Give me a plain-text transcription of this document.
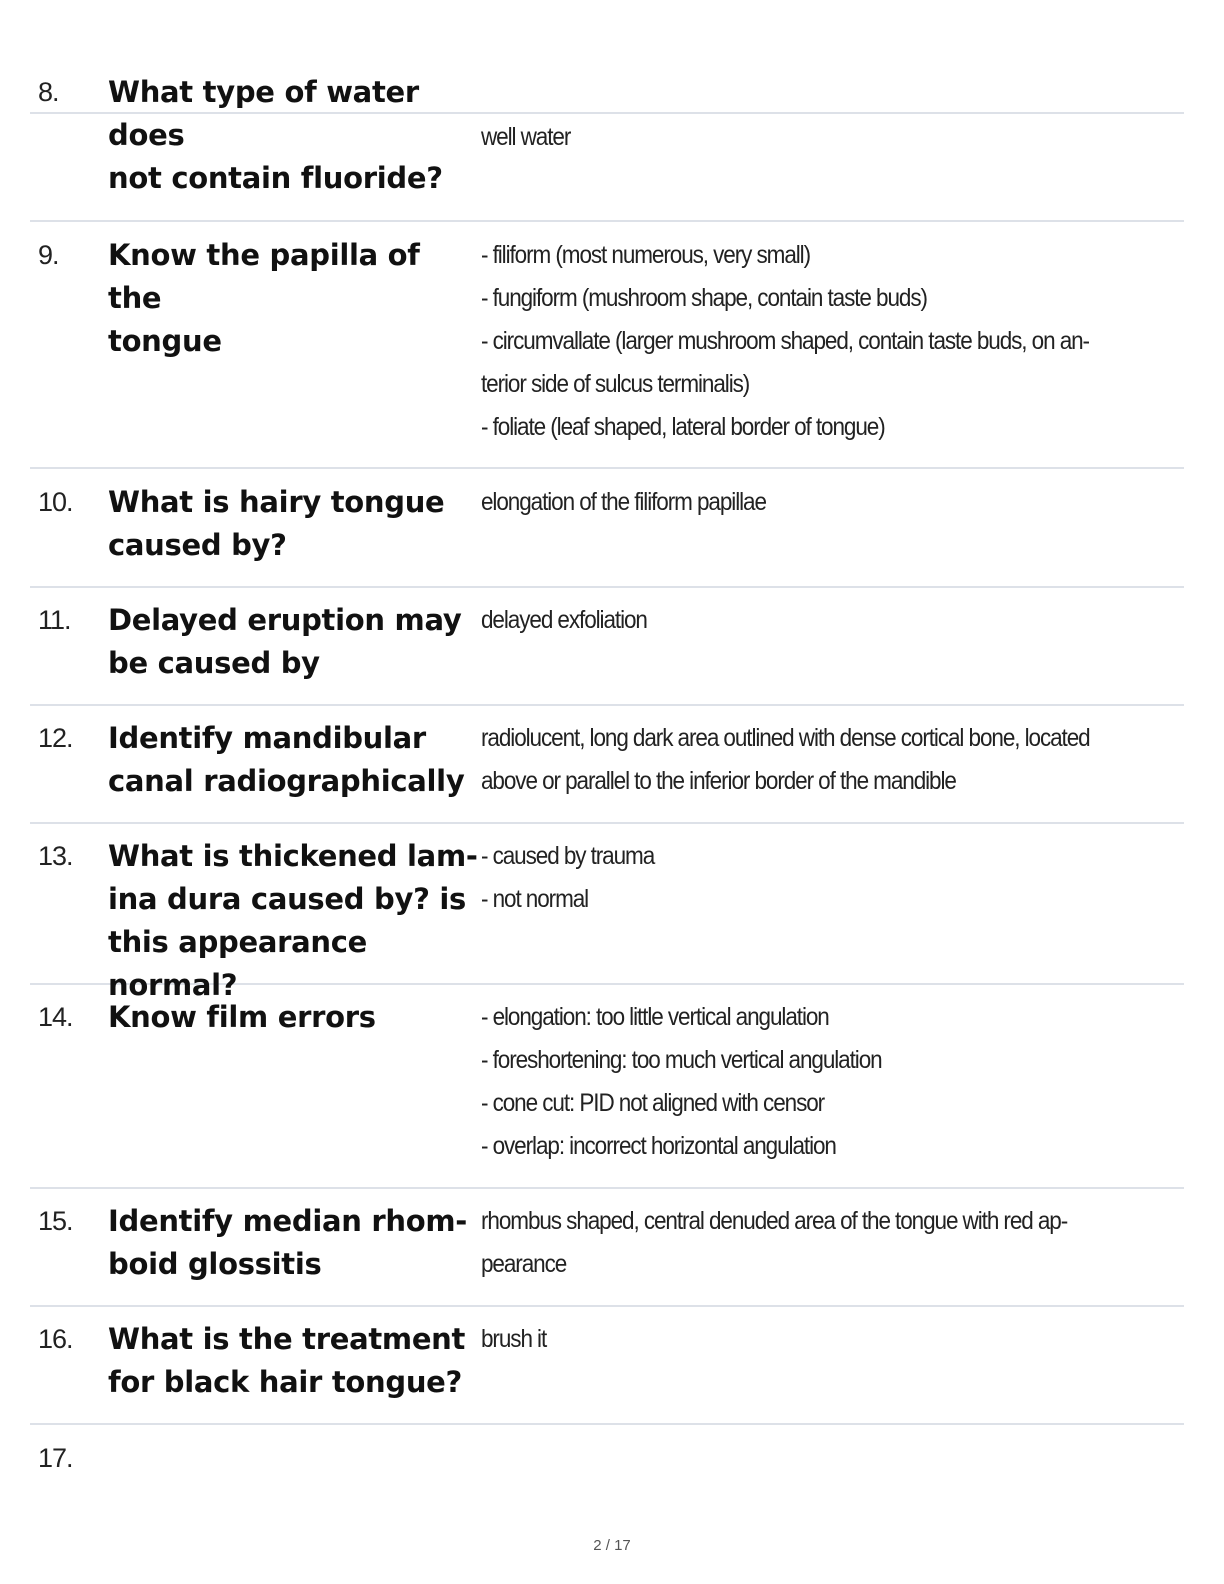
8. What type of water does
not contain fluoride?
well water
9. Know the papilla of the
tongue
- filiform (most numerous, very small)
- fungiform (mushroom shape, contain taste buds)
- circumvallate (larger mushroom shaped, contain taste buds, on an-
terior side of sulcus terminalis)
- foliate (leaf shaped, lateral border of tongue)
10. What is hairy tongue
caused by?
elongation of the filiform papillae
11. Delayed eruption may
be caused by
delayed exfoliation
12. Identify mandibular
canal radiographically
radiolucent, long dark area outlined with dense cortical bone, located
above or parallel to the inferior border of the mandible
13. What is thickened lam-
ina dura caused by? is
this appearance normal?
- caused by trauma
- not normal
14. Know film errors	- elongation: too little vertical angulation
- foreshortening: too much vertical angulation
- cone cut: PID not aligned with censor
- overlap: incorrect horizontal angulation
15. Identify median rhom-
boid glossitis
rhombus shaped, central denuded area of the tongue with red ap-
pearance
16. What is the treatment
for black hair tongue?
brush it
17.
2 / 17
